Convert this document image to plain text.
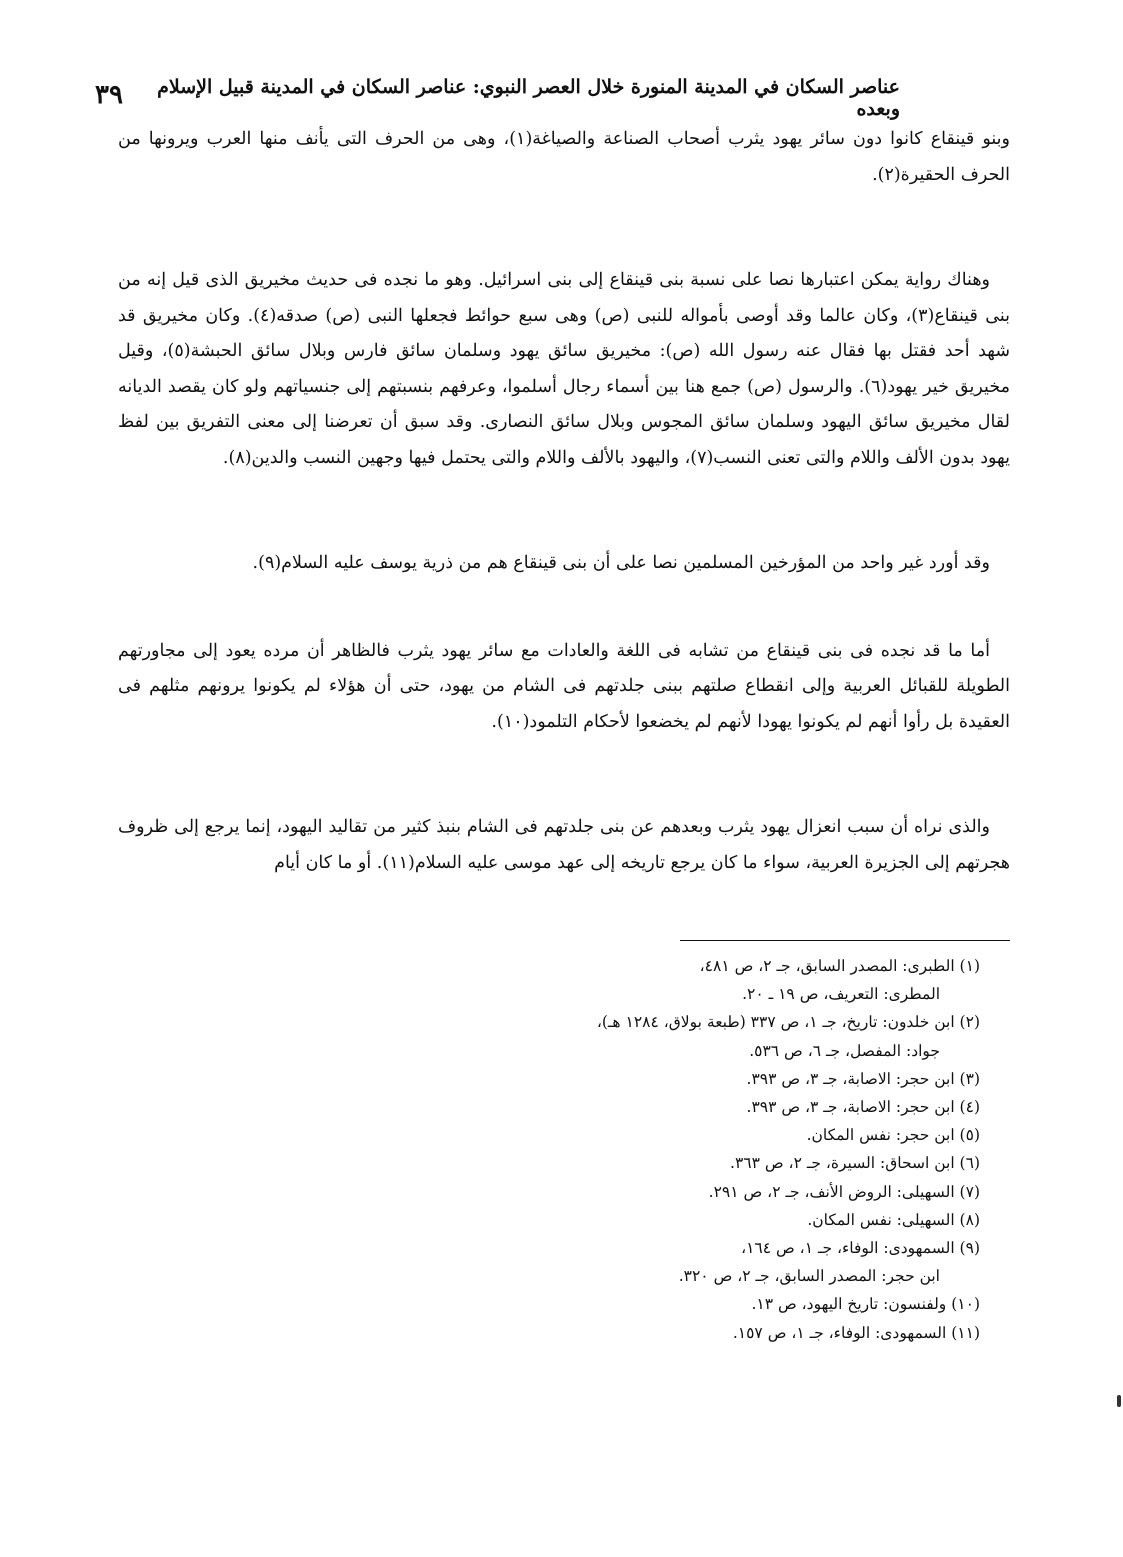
عناصر السكان في المدينة المنورة خلال العصر النبوي: عناصر السكان في المدينة قبيل الإسلام وبعده
٣٩

وبنو قينقاع كانوا دون سائر يهود يثرب أصحاب الصناعة والصياغة(١)، وهى من الحرف التى يأنف منها العرب ويرونها من الحرف الحقيرة(٢).

وهناك رواية يمكن اعتبارها نصا على نسبة بنى قينقاع إلى بنى اسرائيل. وهو ما نجده فى حديث مخيريق الذى قيل إنه من بنى قينقاع(٣)، وكان عالما وقد أوصى بأمواله للنبى (ص) وهى سبع حوائط فجعلها النبى (ص) صدقه(٤). وكان مخيريق قد شهد أحد فقتل بها فقال عنه رسول الله (ص): مخيريق سائق يهود وسلمان سائق فارس وبلال سائق الحبشة(٥)، وقيل مخيريق خير يهود(٦). والرسول (ص) جمع هنا بين أسماء رجال أسلموا، وعرفهم بنسبتهم إلى جنسياتهم ولو كان يقصد الديانه لقال مخيريق سائق اليهود وسلمان سائق المجوس وبلال سائق النصارى. وقد سبق أن تعرضنا إلى معنى التفريق بين لفظ يهود بدون الألف واللام والتى تعنى النسب(٧)، واليهود بالألف واللام والتى يحتمل فيها وجهين النسب والدين(٨).

وقد أورد غير واحد من المؤرخين المسلمين نصا على أن بنى قينقاع هم من ذرية يوسف عليه السلام(٩).

أما ما قد نجده فى بنى قينقاع من تشابه فى اللغة والعادات مع سائر يهود يثرب فالظاهر أن مرده يعود إلى مجاورتهم الطويلة للقبائل العربية وإلى انقطاع صلتهم ببنى جلدتهم فى الشام من يهود، حتى أن هؤلاء لم يكونوا يرونهم مثلهم فى العقيدة بل رأوا أنهم لم يكونوا يهودا لأنهم لم يخضعوا لأحكام التلمود(١٠).

والذى نراه أن سبب انعزال يهود يثرب وبعدهم عن بنى جلدتهم فى الشام بنبذ كثير من تقاليد اليهود، إنما يرجع إلى ظروف هجرتهم إلى الجزيرة العربية، سواء ما كان يرجع تاريخه إلى عهد موسى عليه السلام(١١). أو ما كان أيام

(١) الطبرى: المصدر السابق، جـ ٢، ص ٤٨١،
المطرى: التعريف، ص ١٩ ـ ٢٠.
(٢) ابن خلدون: تاريخ، جـ ١، ص ٣٣٧ (طبعة بولاق، ١٢٨٤ هـ)،
جواد: المفصل، جـ ٦، ص ٥٣٦.
(٣) ابن حجر: الاصابة، جـ ٣، ص ٣٩٣.
(٤) ابن حجر: الاصابة، جـ ٣، ص ٣٩٣.
(٥) ابن حجر: نفس المكان.
(٦) ابن اسحاق: السيرة، جـ ٢، ص ٣٦٣.
(٧) السهيلى: الروض الأنف، جـ ٢، ص ٢٩١.
(٨) السهيلى: نفس المكان.
(٩) السمهودى: الوفاء، جـ ١، ص ١٦٤،
ابن حجر: المصدر السابق، جـ ٢، ص ٣٢٠.
(١٠) ولفنسون: تاريخ اليهود، ص ١٣.
(١١) السمهودى: الوفاء، جـ ١، ص ١٥٧.
